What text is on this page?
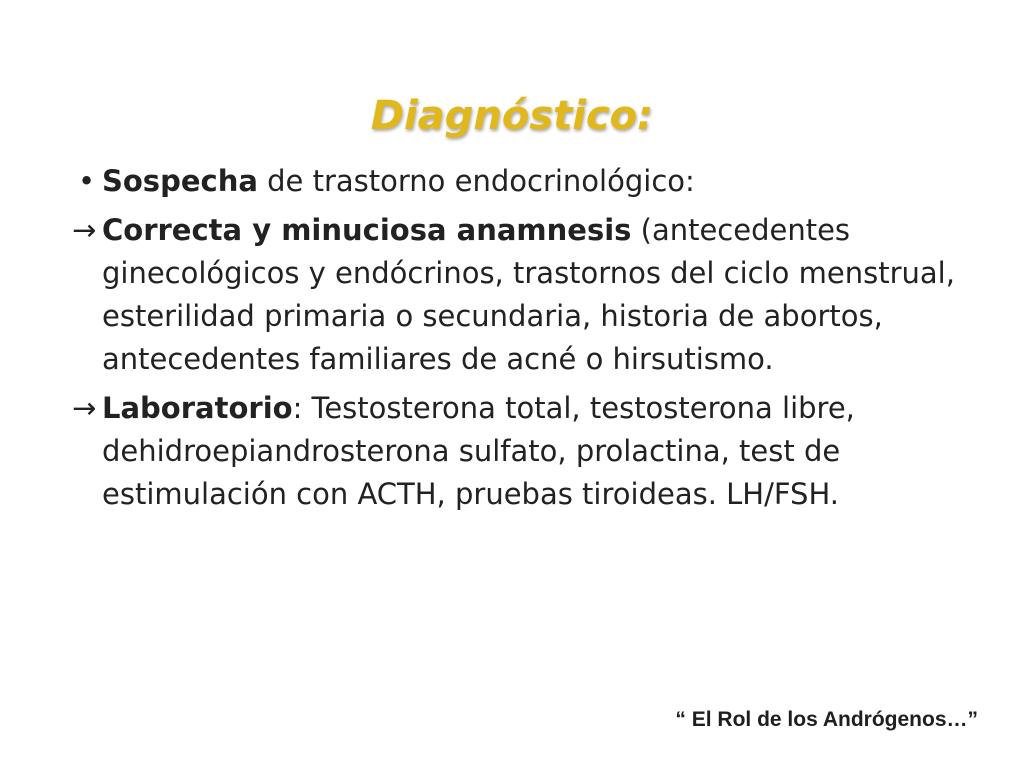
Diagnóstico:
• Sospecha de trastorno endocrinológico:
→ Correcta y minuciosa anamnesis (antecedentes ginecológicos y endócrinos, trastornos del ciclo menstrual, esterilidad primaria o secundaria, historia de abortos, antecedentes familiares de acné o hirsutismo.
→ Laboratorio: Testosterona total, testosterona libre, dehidroepiandrosterona sulfato, prolactina, test de estimulación con ACTH, pruebas tiroideas. LH/FSH.
“ El Rol de los Andrógenos…”
